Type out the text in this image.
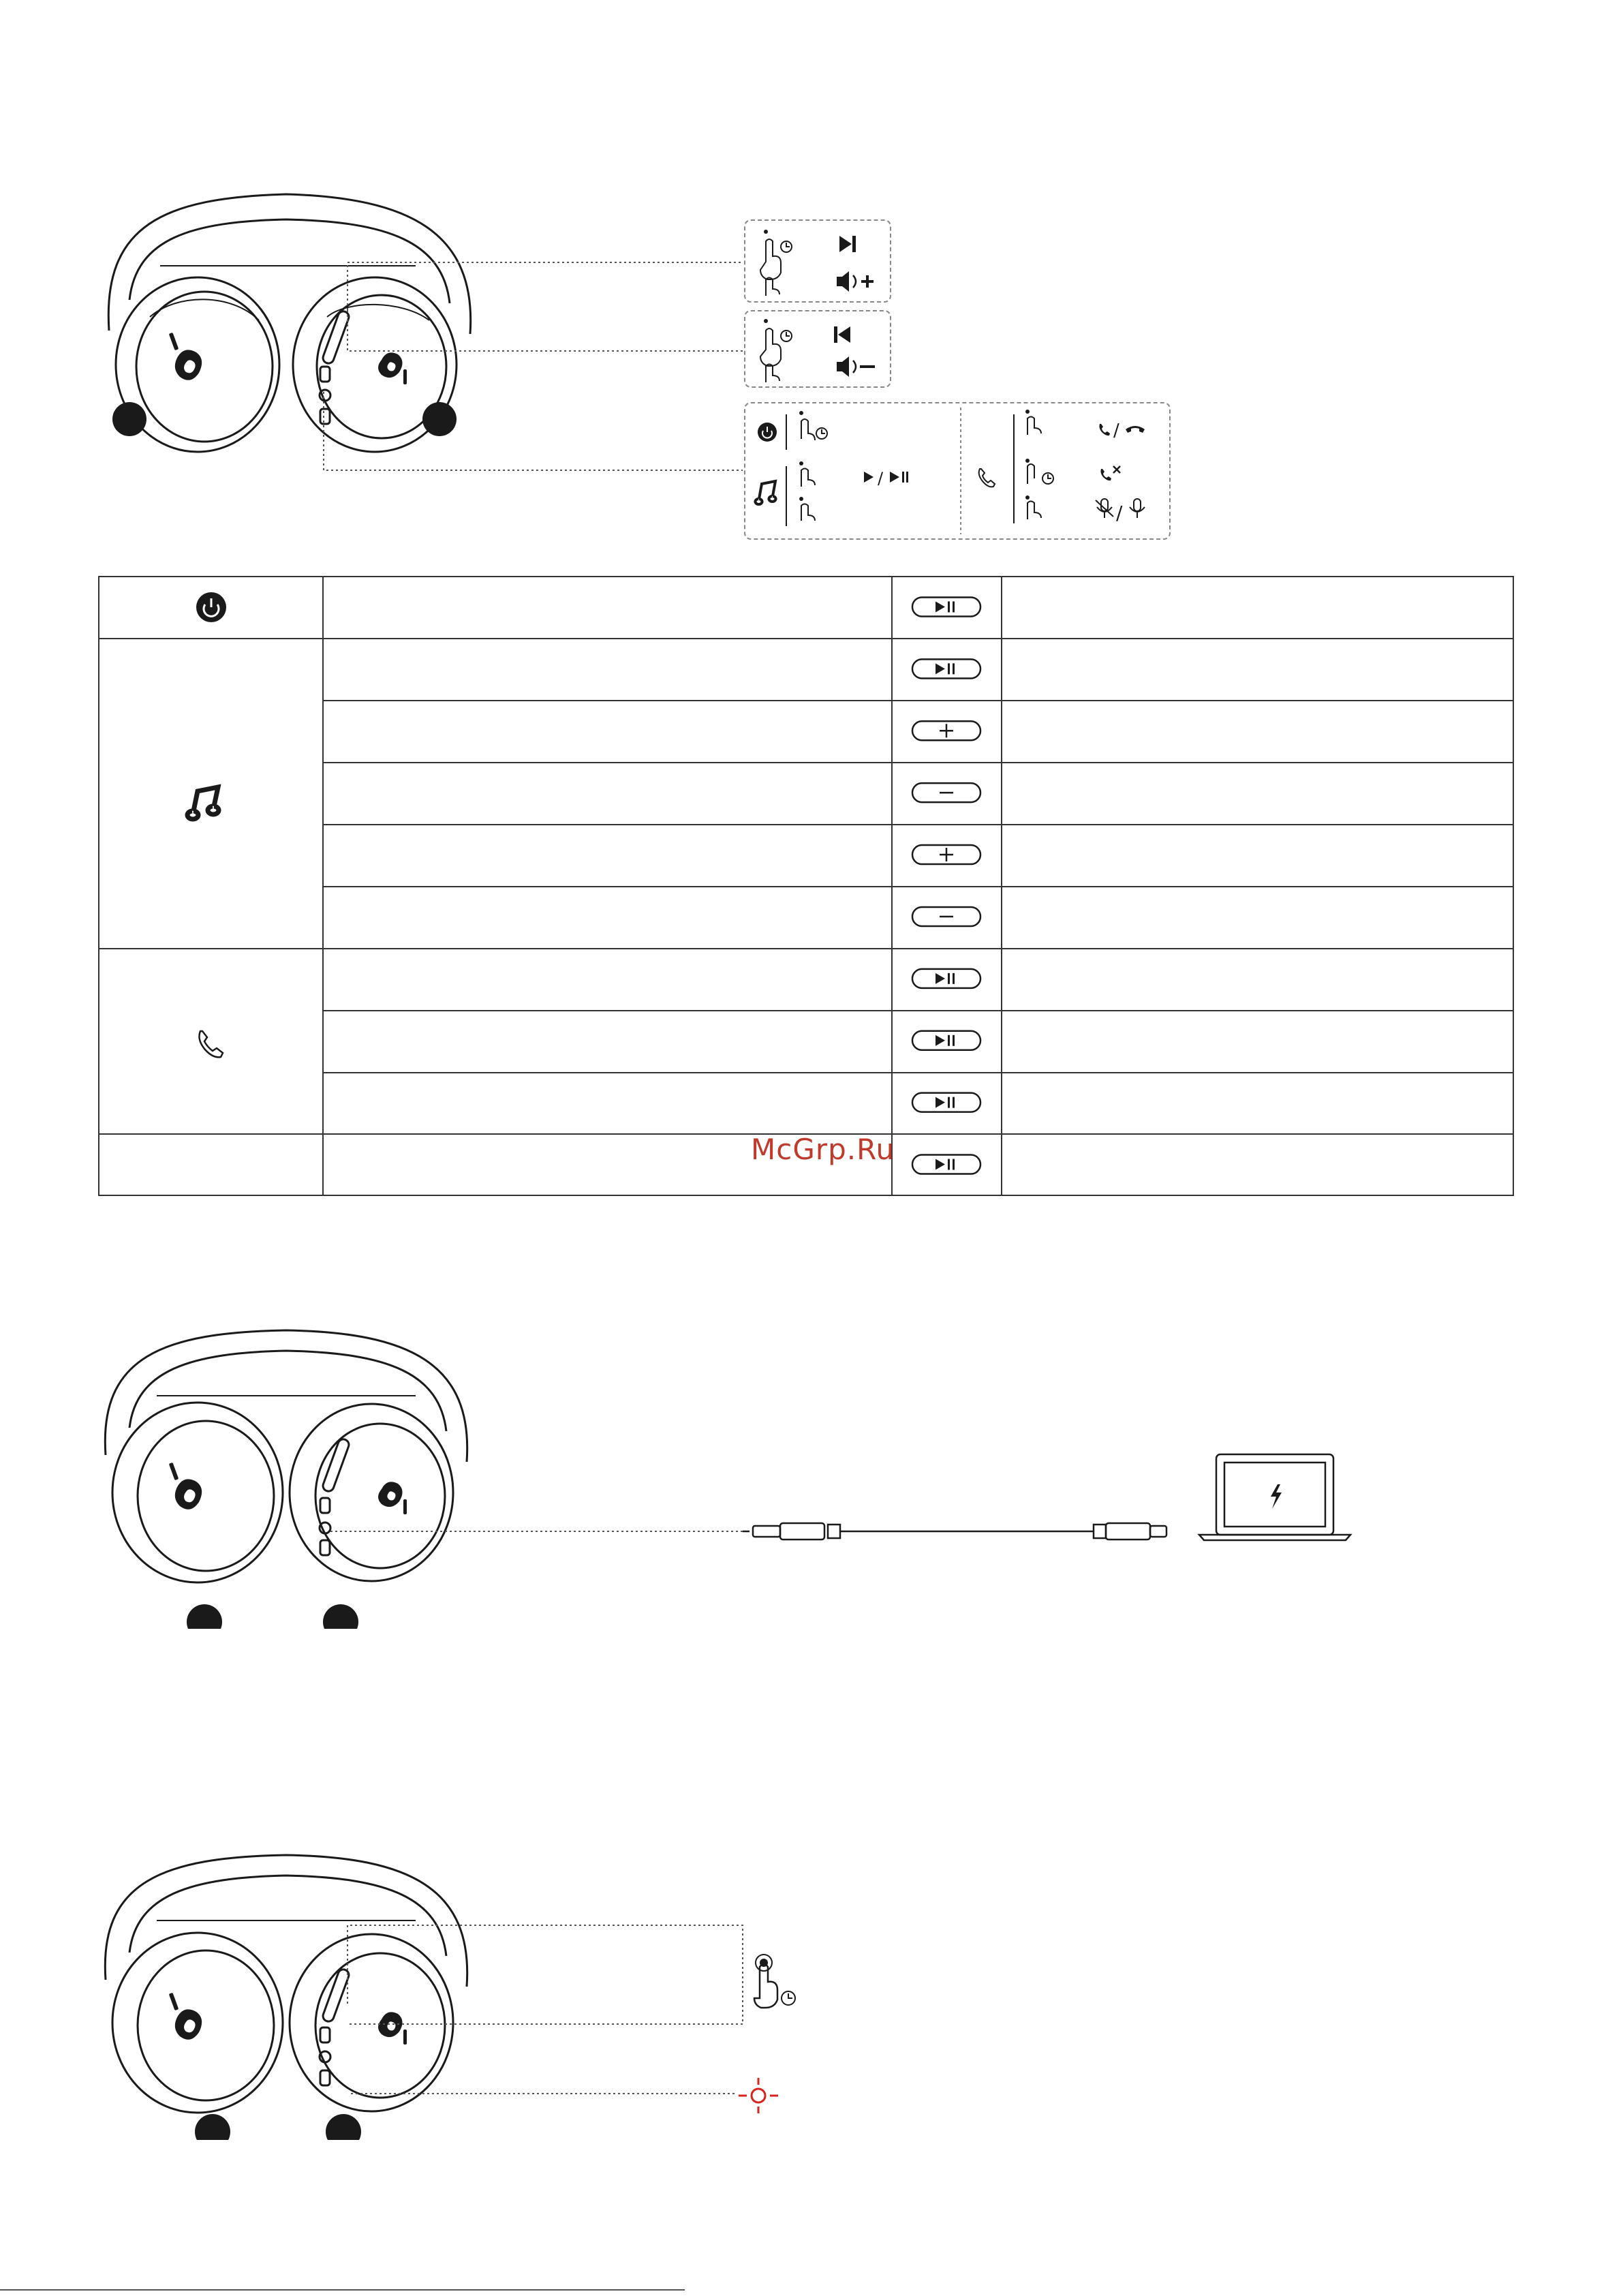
/
/
/
McGrp.Ru
